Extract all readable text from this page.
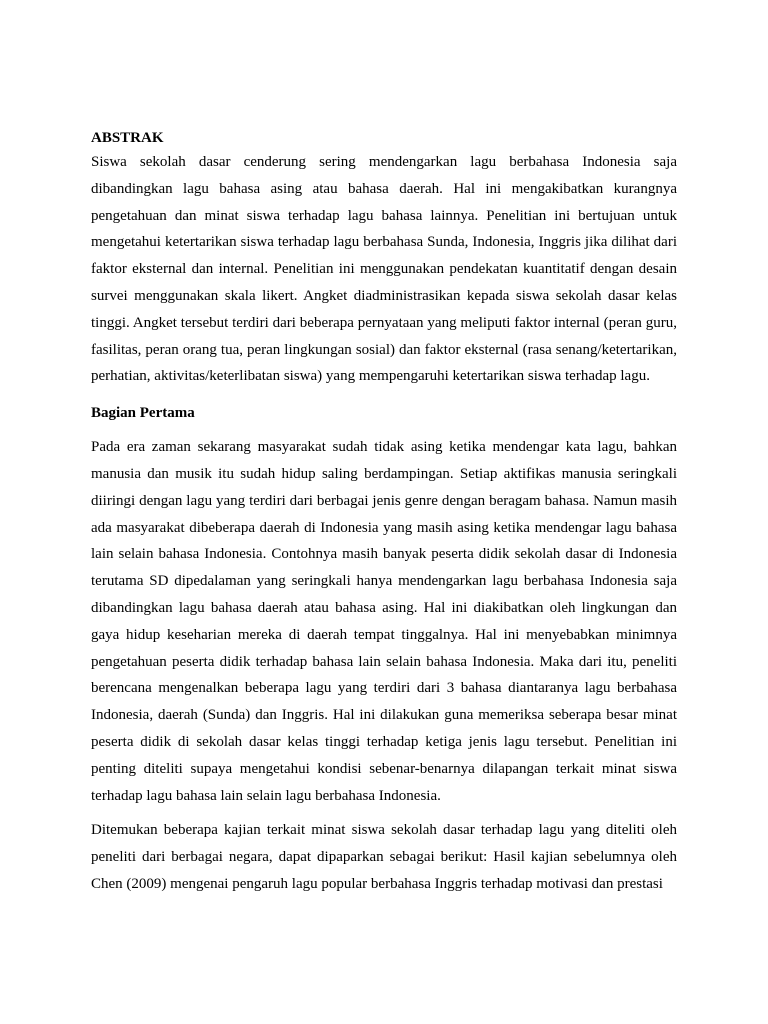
ABSTRAK

Siswa sekolah dasar cenderung sering mendengarkan lagu berbahasa Indonesia saja dibandingkan lagu bahasa asing atau bahasa daerah. Hal ini mengakibatkan kurangnya pengetahuan dan minat siswa terhadap lagu bahasa lainnya. Penelitian ini bertujuan untuk mengetahui ketertarikan siswa terhadap lagu berbahasa Sunda, Indonesia, Inggris jika dilihat dari faktor eksternal dan internal. Penelitian ini menggunakan pendekatan kuantitatif dengan desain survei menggunakan skala likert. Angket diadministrasikan kepada siswa sekolah dasar kelas tinggi. Angket tersebut terdiri dari beberapa pernyataan yang meliputi faktor internal (peran guru, fasilitas, peran orang tua, peran lingkungan sosial) dan faktor eksternal (rasa senang/ketertarikan, perhatian, aktivitas/keterlibatan siswa) yang mempengaruhi ketertarikan siswa terhadap lagu.

Bagian Pertama

Pada era zaman sekarang masyarakat sudah tidak asing ketika mendengar kata lagu, bahkan manusia dan musik itu sudah hidup saling berdampingan. Setiap aktifikas manusia seringkali diiringi dengan lagu yang terdiri dari berbagai jenis genre dengan beragam bahasa. Namun masih ada masyarakat dibeberapa daerah di Indonesia yang masih asing ketika mendengar lagu bahasa lain selain bahasa Indonesia. Contohnya masih banyak peserta didik sekolah dasar di Indonesia terutama SD dipedalaman yang seringkali hanya mendengarkan lagu berbahasa Indonesia saja dibandingkan lagu bahasa daerah atau bahasa asing. Hal ini diakibatkan oleh lingkungan dan gaya hidup keseharian mereka di daerah tempat tinggalnya. Hal ini menyebabkan minimnya pengetahuan peserta didik terhadap bahasa lain selain bahasa Indonesia. Maka dari itu, peneliti berencana mengenalkan beberapa lagu yang terdiri dari 3 bahasa diantaranya lagu berbahasa Indonesia, daerah (Sunda) dan Inggris. Hal ini dilakukan guna memeriksa seberapa besar minat peserta didik di sekolah dasar kelas tinggi terhadap ketiga jenis lagu tersebut. Penelitian ini penting diteliti supaya mengetahui kondisi sebenar-benarnya dilapangan terkait minat siswa terhadap lagu bahasa lain selain lagu berbahasa Indonesia.

Ditemukan beberapa kajian terkait minat siswa sekolah dasar terhadap lagu yang diteliti oleh peneliti dari berbagai negara, dapat dipaparkan sebagai berikut: Hasil kajian sebelumnya oleh Chen (2009) mengenai pengaruh lagu popular berbahasa Inggris terhadap motivasi dan prestasi
